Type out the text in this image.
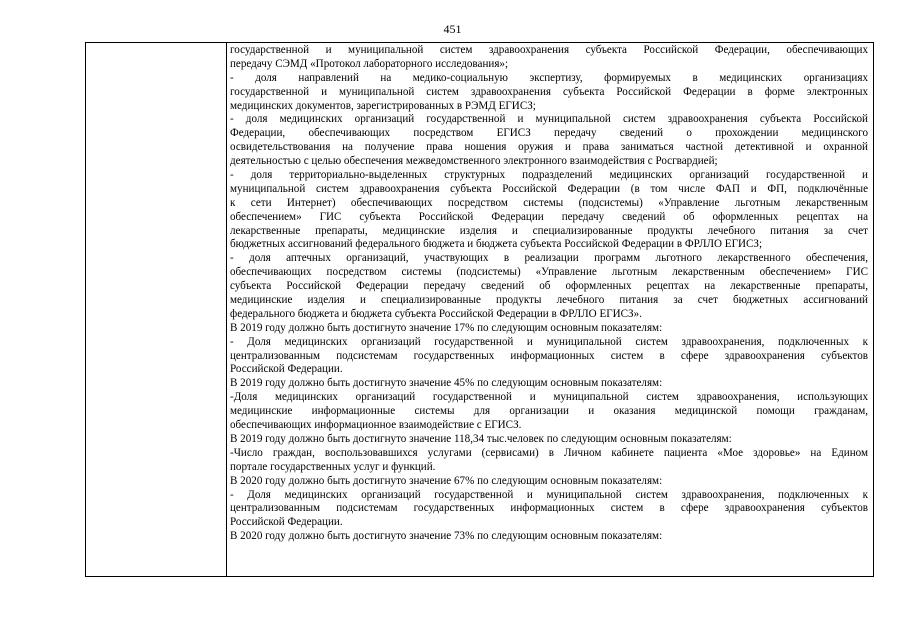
451
государственной и муниципальной систем здравоохранения субъекта Российской Федерации, обеспечивающих
передачу СЭМД «Протокол лабораторного исследования»;
- доля направлений на медико-социальную экспертизу, формируемых в медицинских организациях
государственной и муниципальной систем здравоохранения субъекта Российской Федерации в форме электронных
медицинских документов, зарегистрированных в РЭМД ЕГИСЗ;
- доля медицинских организаций государственной и муниципальной систем здравоохранения субъекта Российской
Федерации, обеспечивающих посредством ЕГИСЗ передачу сведений о прохождении медицинского
освидетельствования на получение права ношения оружия и права заниматься частной детективной и охранной
деятельностью с целью обеспечения межведомственного электронного взаимодействия с Росгвардией;
- доля территориально-выделенных структурных подразделений медицинских организаций государственной и
муниципальной систем здравоохранения субъекта Российской Федерации (в том числе ФАП и ФП, подключённые
к сети Интернет) обеспечивающих посредством системы (подсистемы) «Управление льготным лекарственным
обеспечением» ГИС субъекта Российской Федерации передачу сведений об оформленных рецептах на
лекарственные препараты, медицинские изделия и специализированные продукты лечебного питания за счет
бюджетных ассигнований федерального бюджета и бюджета субъекта Российской Федерации в ФРЛЛО ЕГИСЗ;
- доля аптечных организаций, участвующих в реализации программ льготного лекарственного обеспечения,
обеспечивающих посредством системы (подсистемы) «Управление льготным лекарственным обеспечением» ГИС
субъекта Российской Федерации передачу сведений об оформленных рецептах на лекарственные препараты,
медицинские изделия и специализированные продукты лечебного питания за счет бюджетных ассигнований
федерального бюджета и бюджета субъекта Российской Федерации в ФРЛЛО ЕГИСЗ».
В 2019 году должно быть достигнуто значение 17% по следующим основным показателям:
- Доля медицинских организаций государственной и муниципальной систем здравоохранения, подключенных к
централизованным подсистемам государственных информационных систем в сфере здравоохранения субъектов
Российской Федерации.
В 2019 году должно быть достигнуто значение 45% по следующим основным показателям:
-Доля медицинских организаций государственной и муниципальной систем здравоохранения, использующих
медицинские информационные системы для организации и оказания медицинской помощи гражданам,
обеспечивающих информационное взаимодействие с ЕГИСЗ.
В 2019 году должно быть достигнуто значение 118,34 тыс.человек по следующим основным показателям:
-Число граждан, воспользовавшихся услугами (сервисами) в Личном кабинете пациента «Мое здоровье» на Едином
портале государственных услуг и функций.
В 2020 году должно быть достигнуто значение 67% по следующим основным показателям:
- Доля медицинских организаций государственной и муниципальной систем здравоохранения, подключенных к
централизованным подсистемам государственных информационных систем в сфере здравоохранения субъектов
Российской Федерации.
В 2020 году должно быть достигнуто значение 73% по следующим основным показателям:
